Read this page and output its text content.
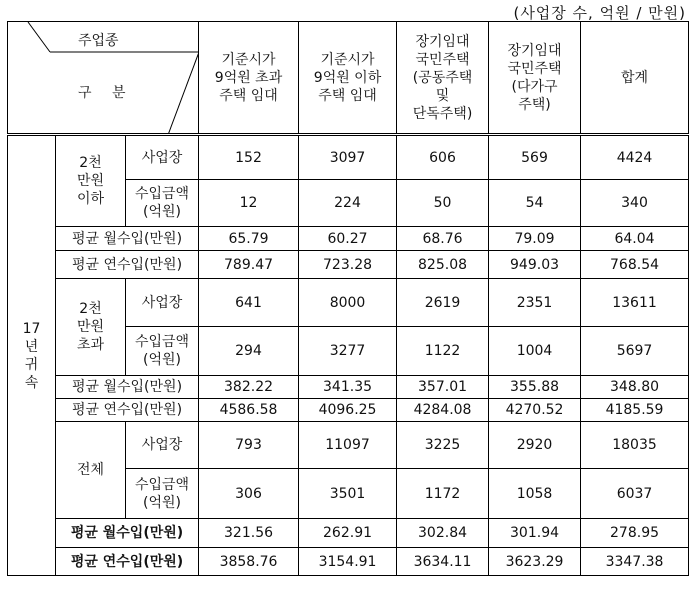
(사업장 수, 억원 / 만원)
주업종
구 분			기준시가
9억원 초과
주택 임대	기준시가
9억원 이하
주택 임대	장기임대
국민주택
(공동주택
및
단독주택)	장기임대
국민주택
(다가구
주택)	합계
17
년
귀
속	2천
만원
이하	사업장	152	3097	606	569	4424
		수입금액
(억원)	12	224	50	54	340
	평균 월수입(만원)		65.79	60.27	68.76	79.09	64.04
	평균 연수입(만원)		789.47	723.28	825.08	949.03	768.54
	2천
만원
초과	사업장	641	8000	2619	2351	13611
		수입금액
(억원)	294	3277	1122	1004	5697
	평균 월수입(만원)		382.22	341.35	357.01	355.88	348.80
	평균 연수입(만원)		4586.58	4096.25	4284.08	4270.52	4185.59
	전체	사업장	793	11097	3225	2920	18035
		수입금액
(억원)	306	3501	1172	1058	6037
	평균 월수입(만원)		321.56	262.91	302.84	301.94	278.95
	평균 연수입(만원)		3858.76	3154.91	3634.11	3623.29	3347.38
